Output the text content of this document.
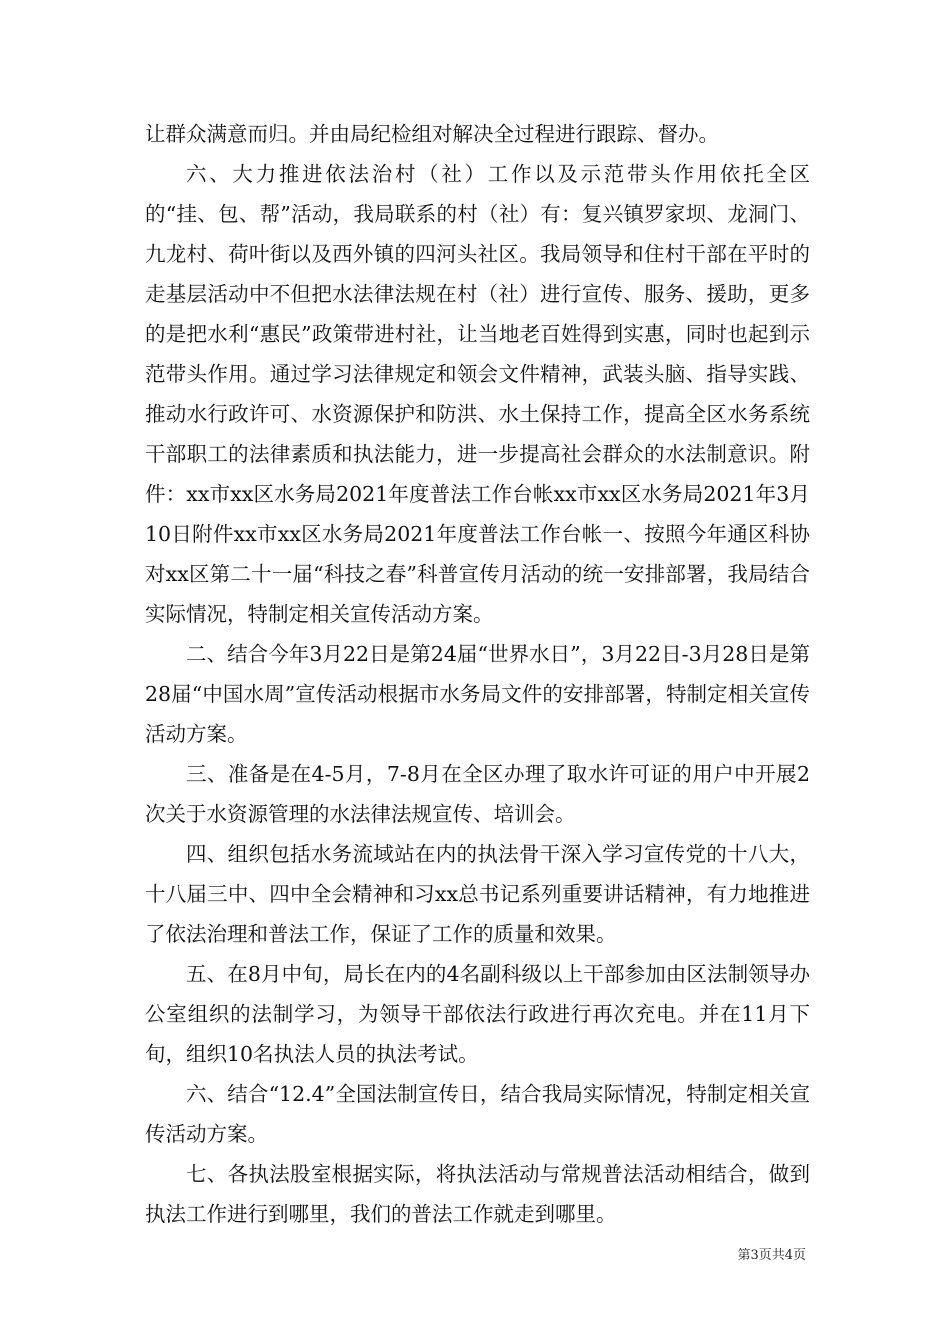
让群众满意而归。并由局纪检组对解决全过程进行跟踪、督办。

六、大力推进依法治村（社）工作以及示范带头作用依托全区的“挂、包、帮”活动，我局联系的村（社）有：复兴镇罗家坝、龙洞门、九龙村、荷叶街以及西外镇的四河头社区。我局领导和住村干部在平时的走基层活动中不但把水法律法规在村（社）进行宣传、服务、援助，更多的是把水利“惠民”政策带进村社，让当地老百姓得到实惠，同时也起到示范带头作用。通过学习法律规定和领会文件精神，武装头脑、指导实践、推动水行政许可、水资源保护和防洪、水土保持工作，提高全区水务系统干部职工的法律素质和执法能力，进一步提高社会群众的水法制意识。附件：xx市xx区水务局2021年度普法工作台帐xx市xx区水务局2021年3月10日附件xx市xx区水务局2021年度普法工作台帐一、按照今年通区科协对xx区第二十一届“科技之春”科普宣传月活动的统一安排部署，我局结合实际情况，特制定相关宣传活动方案。

二、结合今年3月22日是第24届“世界水日”，3月22日-3月28日是第28届“中国水周”宣传活动根据市水务局文件的安排部署，特制定相关宣传活动方案。

三、准备是在4-5月，7-8月在全区办理了取水许可证的用户中开展2次关于水资源管理的水法律法规宣传、培训会。

四、组织包括水务流域站在内的执法骨干深入学习宣传党的十八大，十八届三中、四中全会精神和习xx总书记系列重要讲话精神，有力地推进了依法治理和普法工作，保证了工作的质量和效果。

五、在8月中旬，局长在内的4名副科级以上干部参加由区法制领导办公室组织的法制学习，为领导干部依法行政进行再次充电。并在11月下旬，组织10名执法人员的执法考试。

六、结合“12.4”全国法制宣传日，结合我局实际情况，特制定相关宣传活动方案。

七、各执法股室根据实际，将执法活动与常规普法活动相结合，做到执法工作进行到哪里，我们的普法工作就走到哪里。

第3页共4页
